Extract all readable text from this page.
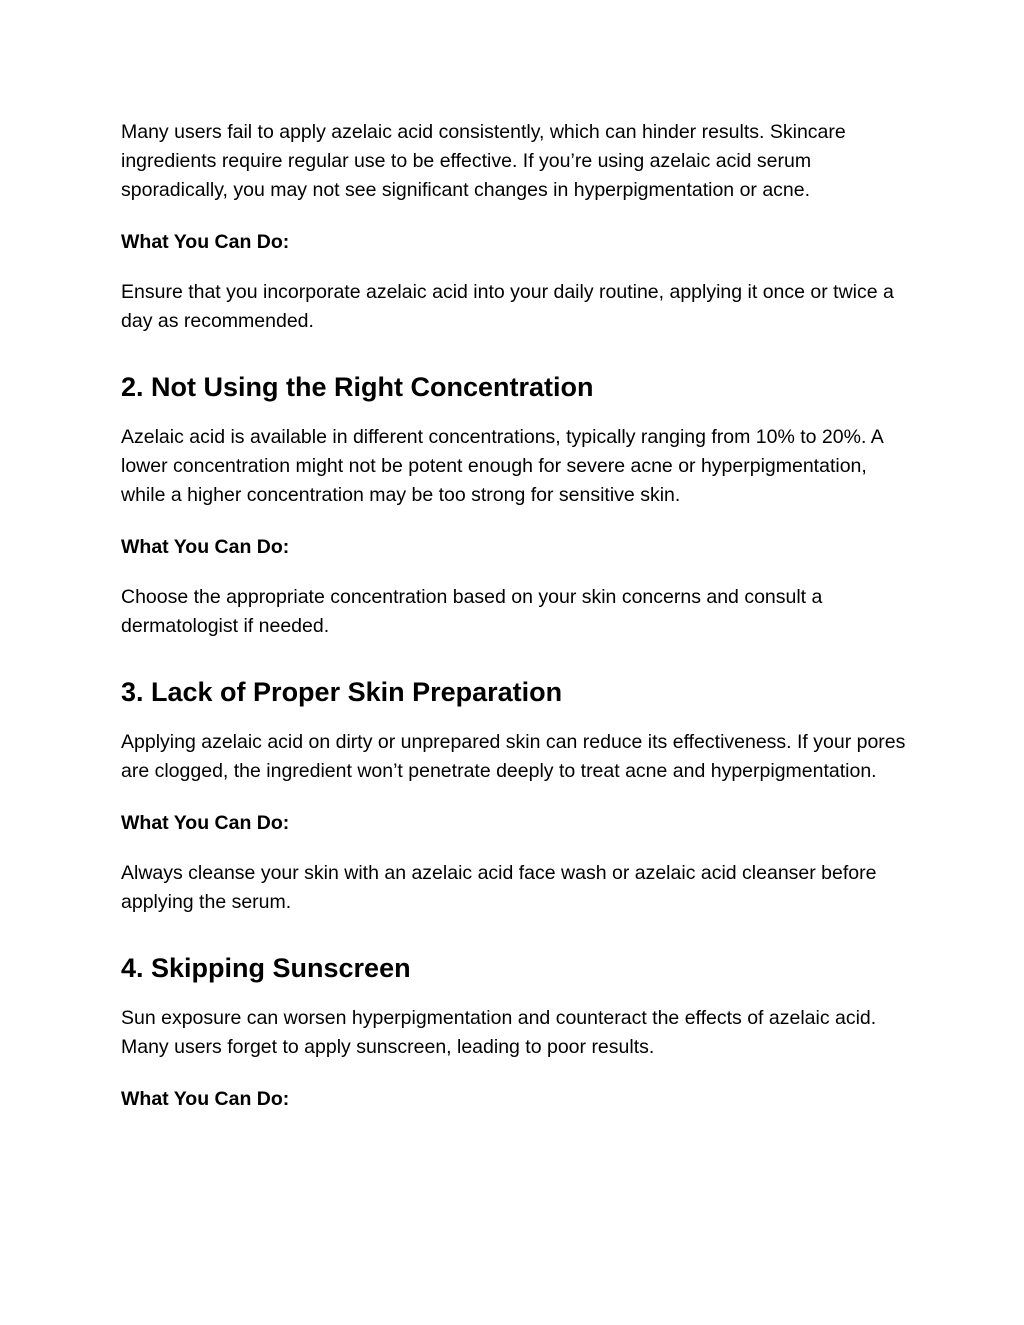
Many users fail to apply azelaic acid consistently, which can hinder results. Skincare ingredients require regular use to be effective. If you’re using azelaic acid serum sporadically, you may not see significant changes in hyperpigmentation or acne.

What You Can Do:

Ensure that you incorporate azelaic acid into your daily routine, applying it once or twice a day as recommended.

2. Not Using the Right Concentration

Azelaic acid is available in different concentrations, typically ranging from 10% to 20%. A lower concentration might not be potent enough for severe acne or hyperpigmentation, while a higher concentration may be too strong for sensitive skin.

What You Can Do:

Choose the appropriate concentration based on your skin concerns and consult a dermatologist if needed.

3. Lack of Proper Skin Preparation

Applying azelaic acid on dirty or unprepared skin can reduce its effectiveness. If your pores are clogged, the ingredient won’t penetrate deeply to treat acne and hyperpigmentation.

What You Can Do:

Always cleanse your skin with an azelaic acid face wash or azelaic acid cleanser before applying the serum.

4. Skipping Sunscreen

Sun exposure can worsen hyperpigmentation and counteract the effects of azelaic acid. Many users forget to apply sunscreen, leading to poor results.

What You Can Do:
